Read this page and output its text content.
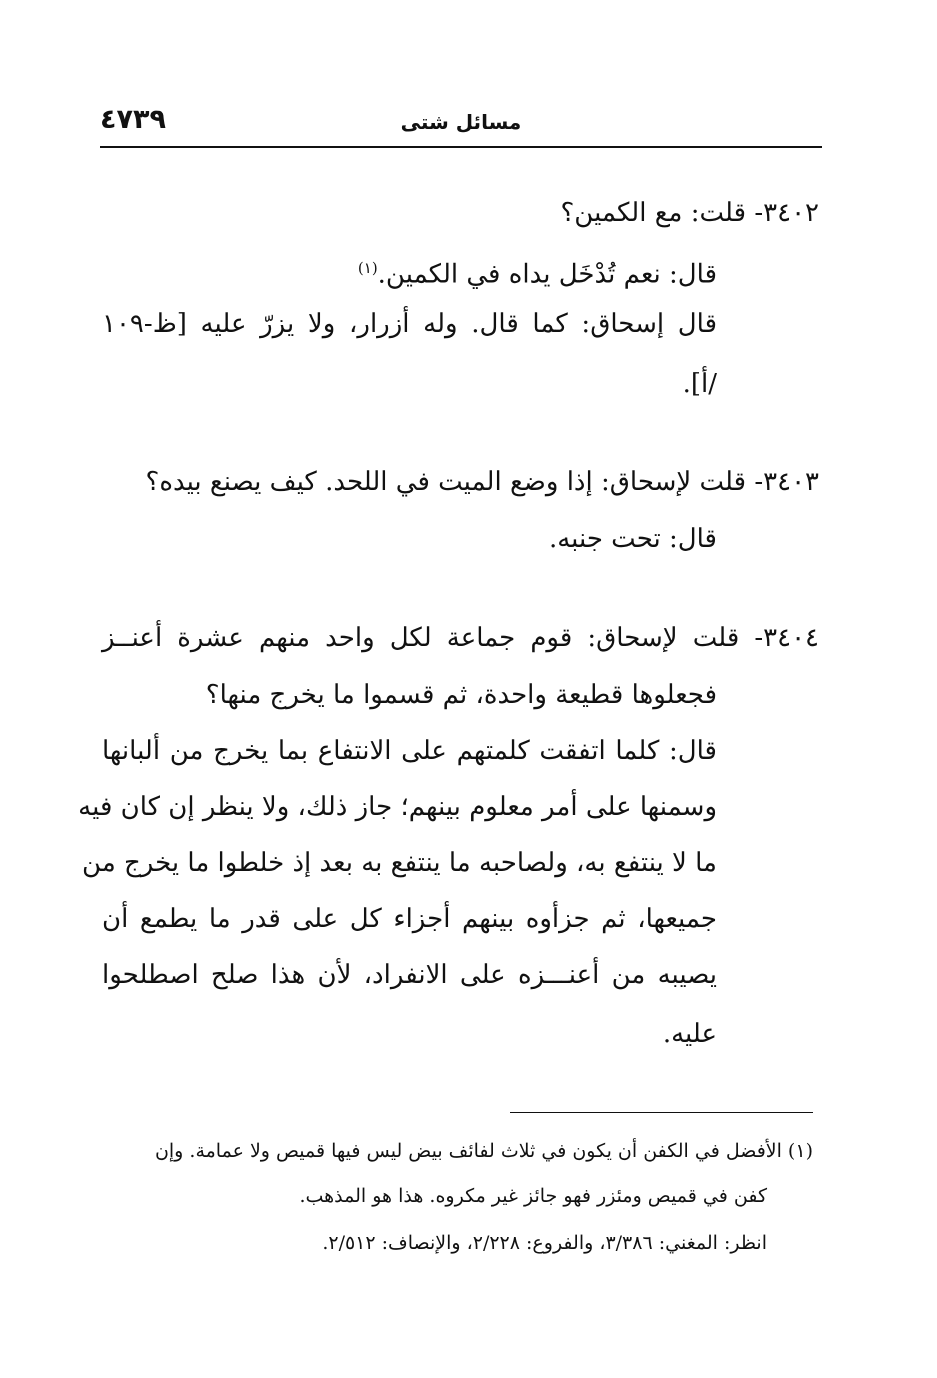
٤٧٣٩	مسائل شتى
٣٤٠٢- قلت: مع الكمين؟
قال: نعم تُدْخَل يداه في الكمين.$^{(١)}$
قال إسحاق: كما قال. وله أزرار، ولا يزرّ عليه [ظ-١٠٩
/أ].
٣٤٠٣- قلت لإسحاق: إذا وضع الميت في اللحد. كيف يصنع بيده؟
قال: تحت جنبه.
٣٤٠٤- قلت لإسحاق: قوم جماعة لكل واحد منهم عشرة أعنــز
فجعلوها قطيعة واحدة، ثم قسموا ما يخرج منها؟
قال: كلما اتفقت كلمتهم على الانتفاع بما يخرج من ألبانها
وسمنها على أمر معلوم بينهم؛ جاز ذلك، ولا ينظر إن كان فيه
ما لا ينتفع به، ولصاحبه ما ينتفع به بعد إذ خلطوا ما يخرج من
جميعها، ثم جزأوه بينهم أجزاء كل على قدر ما يطمع أن
يصيبه من أعنـــزه على الانفراد، لأن هذا صلح اصطلحوا
عليه.
(١) الأفضل في الكفن أن يكون في ثلاث لفائف بيض ليس فيها قميص ولا عمامة. وإن
كفن في قميص ومئزر فهو جائز غير مكروه. هذا هو المذهب.
انظر: المغني: ٣/٣٨٦، والفروع: ٢/٢٢٨، والإنصاف: ٢/٥١٢.
